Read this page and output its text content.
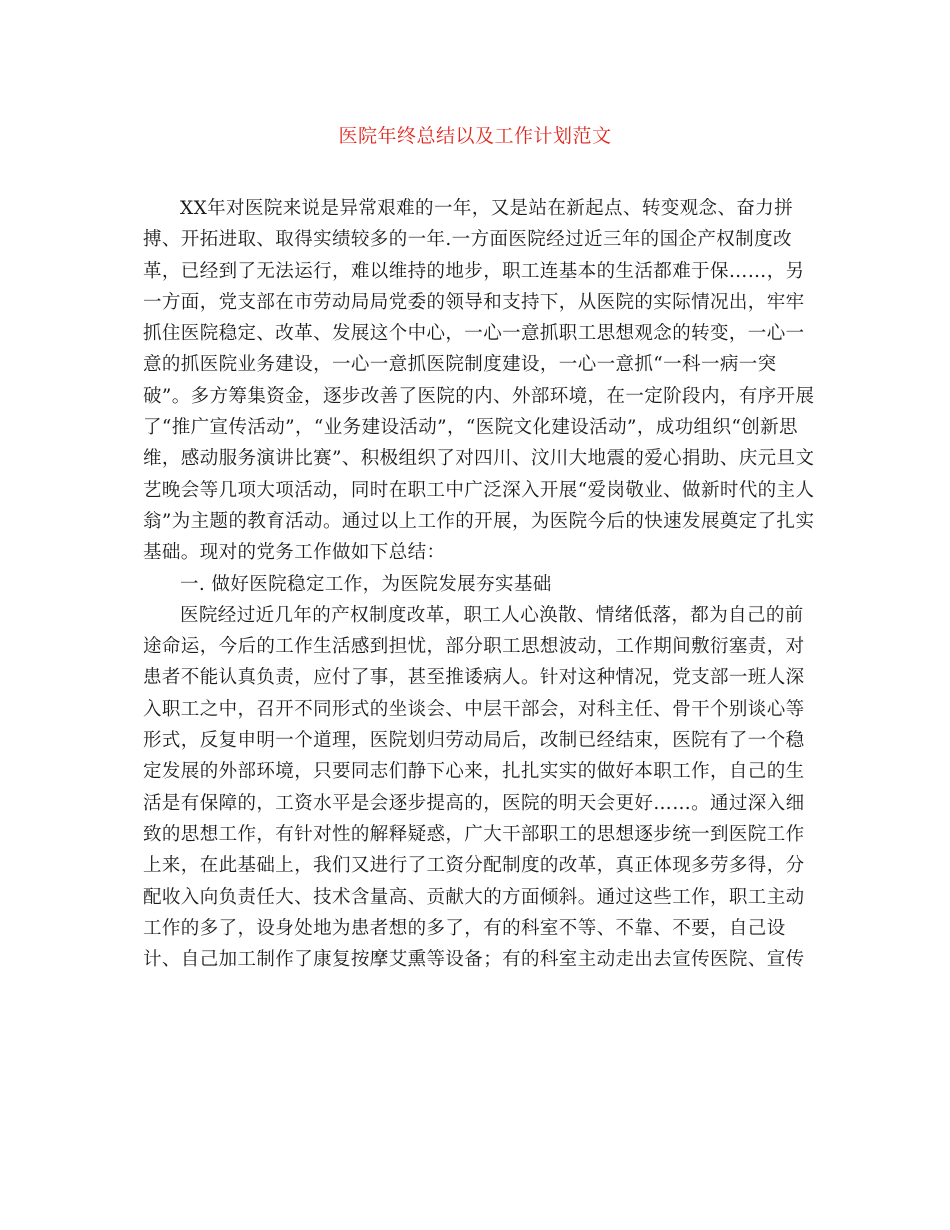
医院年终总结以及工作计划范文
XX年对医院来说是异常艰难的一年，又是站在新起点、转变观念、奋力拼
搏、开拓进取、取得实绩较多的一年.一方面医院经过近三年的国企产权制度改
革，已经到了无法运行，难以维持的地步，职工连基本的生活都难于保……，另
一方面，党支部在市劳动局局党委的领导和支持下，从医院的实际情况出，牢牢
抓住医院稳定、改革、发展这个中心，一心一意抓职工思想观念的转变，一心一
意的抓医院业务建设，一心一意抓医院制度建设，一心一意抓“一科一病一突
破”。多方筹集资金，逐步改善了医院的内、外部环境，在一定阶段内，有序开展
了“推广宣传活动”，“业务建设活动”，“医院文化建设活动”，成功组织“创新思
维，感动服务演讲比赛”、积极组织了对四川、汶川大地震的爱心捐助、庆元旦文
艺晚会等几项大项活动，同时在职工中广泛深入开展“爱岗敬业、做新时代的主人
翁”为主题的教育活动。通过以上工作的开展，为医院今后的快速发展奠定了扎实
基础。现对的党务工作做如下总结：
一. 做好医院稳定工作，为医院发展夯实基础
医院经过近几年的产权制度改革，职工人心涣散、情绪低落，都为自己的前
途命运，今后的工作生活感到担忧，部分职工思想波动，工作期间敷衍塞责，对
患者不能认真负责，应付了事，甚至推诿病人。针对这种情况，党支部一班人深
入职工之中，召开不同形式的坐谈会、中层干部会，对科主任、骨干个别谈心等
形式，反复申明一个道理，医院划归劳动局后，改制已经结束，医院有了一个稳
定发展的外部环境，只要同志们静下心来，扎扎实实的做好本职工作，自己的生
活是有保障的，工资水平是会逐步提高的，医院的明天会更好……。通过深入细
致的思想工作，有针对性的解释疑惑，广大干部职工的思想逐步统一到医院工作
上来，在此基础上，我们又进行了工资分配制度的改革，真正体现多劳多得，分
配收入向负责任大、技术含量高、贡献大的方面倾斜。通过这些工作，职工主动
工作的多了，设身处地为患者想的多了，有的科室不等、不靠、不要，自己设
计、自己加工制作了康复按摩艾熏等设备；有的科室主动走出去宣传医院、宣传
